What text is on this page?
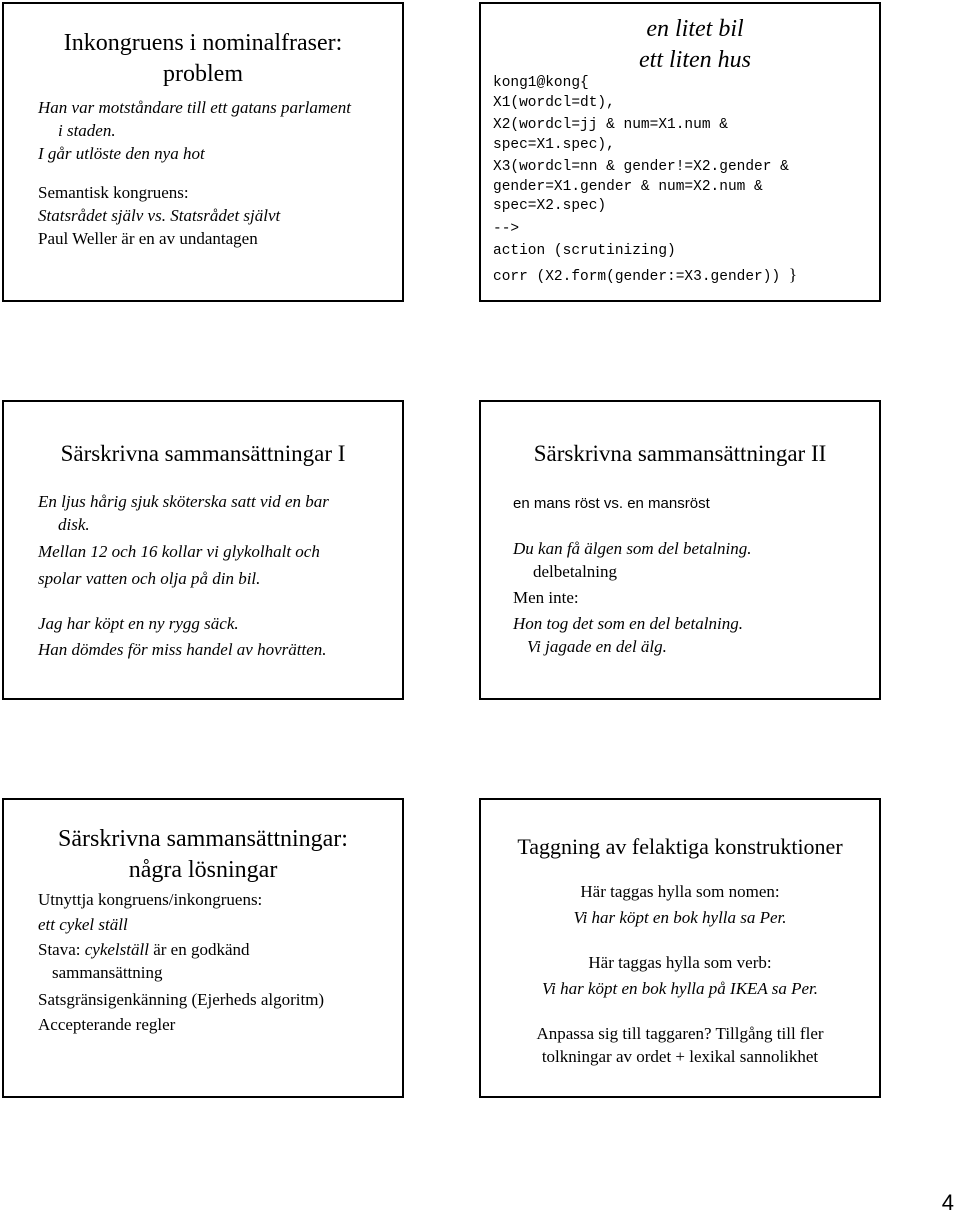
Inkongruens i nominalfraser:
problem
Han var motståndare till ett gatans parlament
i staden.
I går utlöste den nya hot
Semantisk kongruens:
Statsrådet själv vs. Statsrådet självt
Paul Weller är en av undantagen
en litet bil
ett liten hus
kong1@kong{
X1(wordcl=dt),
X2(wordcl=jj & num=X1.num &
spec=X1.spec),
X3(wordcl=nn & gender!=X2.gender &
gender=X1.gender & num=X2.num &
spec=X2.spec)
-->
action (scrutinizing)
corr (X2.form(gender:=X3.gender)) }
Särskrivna sammansättningar I
En ljus hårig sjuk sköterska satt vid en bar
disk.
Mellan 12 och 16 kollar vi glykolhalt och
spolar vatten och olja på din bil.
Jag har köpt en ny rygg säck.
Han dömdes för miss handel av hovrätten.
Särskrivna sammansättningar II
en mans röst vs. en mansröst
Du kan få älgen som del betalning.
delbetalning
Men inte:
Hon tog det som en del betalning.
Vi jagade en del älg.
Särskrivna sammansättningar:
några lösningar
Utnyttja kongruens/inkongruens:
ett cykel ställ
Stava: cykelställ är en godkänd
sammansättning
Satsgränsigenkänning (Ejerheds algoritm)
Accepterande regler
Taggning av felaktiga konstruktioner
Här taggas hylla som nomen:
Vi har köpt en bok hylla sa Per.
Här taggas hylla som verb:
Vi har köpt en bok hylla på IKEA sa Per.
Anpassa sig till taggaren? Tillgång till fler
tolkningar av ordet + lexikal sannolikhet
4
